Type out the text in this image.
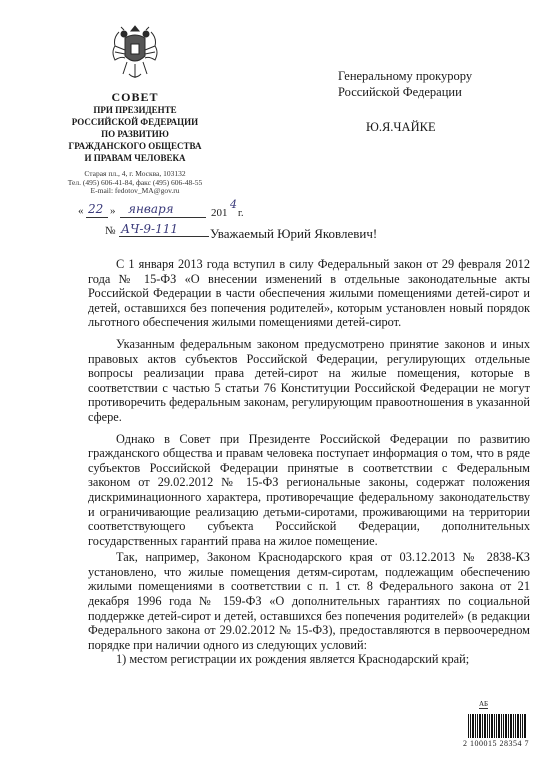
СОВЕТ
ПРИ ПРЕЗИДЕНТЕ
РОССИЙСКОЙ ФЕДЕРАЦИИ
ПО РАЗВИТИЮ
ГРАЖДАНСКОГО ОБЩЕСТВА
И ПРАВАМ ЧЕЛОВЕКА
Старая пл., 4, г. Москва, 103132
Тел. (495) 606-41-84, факс (495) 606-48-55
E-mail: fedotov_MA@gov.ru
« 22 » января	201
4
г.
№ АЧ-9-111
Генеральному прокурору
Российской Федерации
Ю.Я.ЧАЙКЕ
Уважаемый Юрий Яковлевич!

С 1 января 2013 года вступил в силу Федеральный закон от 29 февраля 2012 года № 15-ФЗ «О внесении изменений в отдельные законодательные акты Российской Федерации в части обеспечения жилыми помещениями детей-сирот и детей, оставшихся без попечения родителей», которым установлен новый порядок льготного обеспечения жилыми помещениями детей-сирот.

Указанным федеральным законом предусмотрено принятие законов и иных правовых актов субъектов Российской Федерации, регулирующих отдельные вопросы реализации права детей-сирот на жилые помещения, которые в соответствии с частью 5 статьи 76 Конституции Российской Федерации не могут противоречить федеральным законам, регулирующим правоотношения в указанной сфере.

Однако в Совет при Президенте Российской Федерации по развитию гражданского общества и правам человека поступает информация о том, что в ряде субъектов Российской Федерации принятые в соответствии с Федеральным законом от 29.02.2012 № 15-ФЗ региональные законы, содержат положения дискриминационного характера, противоречащие федеральному законодательству и ограничивающие реализацию детьми-сиротами, проживающими на территории соответствующего субъекта Российской Федерации, дополнительных государственных гарантий права на жилое помещение.

Так, например, Законом Краснодарского края от 03.12.2013 № 2838-КЗ установлено, что жилые помещения детям-сиротам, подлежащим обеспечению жилыми помещениями в соответствии с п. 1 ст. 8 Федерального закона от 21 декабря 1996 года № 159-ФЗ «О дополнительных гарантиях по социальной поддержке детей-сирот и детей, оставшихся без попечения родителей» (в редакции Федерального закона от 29.02.2012 № 15-ФЗ), предоставляются в первоочередном порядке при наличии одного из следующих условий:

1) местом регистрации их рождения является Краснодарский край;

АБ
2 100015 28354 7
